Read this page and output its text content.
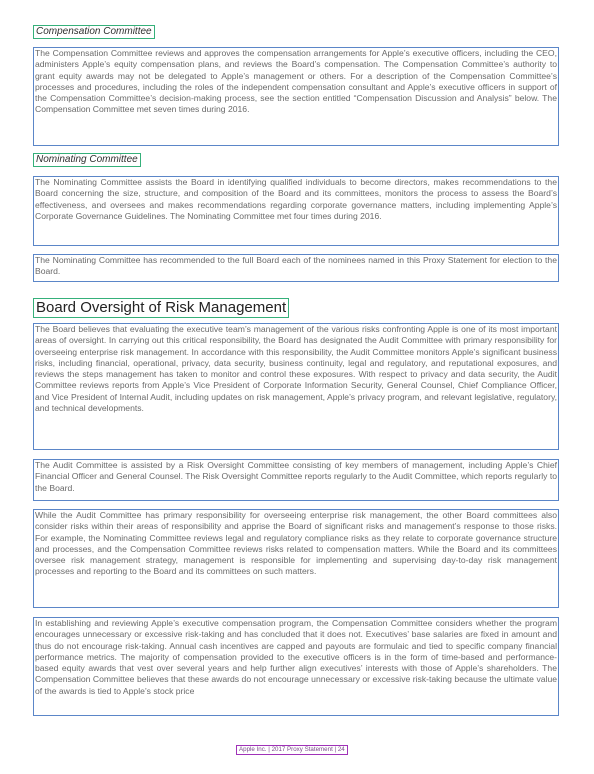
Compensation Committee

The Compensation Committee reviews and approves the compensation arrangements for Apple’s executive officers, including the CEO, administers Apple’s equity compensation plans, and reviews the Board’s compensation. The Compensation Committee’s authority to grant equity awards may not be delegated to Apple’s management or others. For a description of the Compensation Committee’s processes and procedures, including the roles of the independent compensation consultant and Apple’s executive officers in support of the Compensation Committee’s decision-making process, see the section entitled “Compensation Discussion and Analysis” below. The Compensation Committee met seven times during 2016.

Nominating Committee

The Nominating Committee assists the Board in identifying qualified individuals to become directors, makes recommendations to the Board concerning the size, structure, and composition of the Board and its committees, monitors the process to assess the Board’s effectiveness, and oversees and makes recommendations regarding corporate governance matters, including implementing Apple’s Corporate Governance Guidelines. The Nominating Committee met four times during 2016.

The Nominating Committee has recommended to the full Board each of the nominees named in this Proxy Statement for election to the Board.

Board Oversight of Risk Management

The Board believes that evaluating the executive team’s management of the various risks confronting Apple is one of its most important areas of oversight. In carrying out this critical responsibility, the Board has designated the Audit Committee with primary responsibility for overseeing enterprise risk management. In accordance with this responsibility, the Audit Committee monitors Apple’s significant business risks, including financial, operational, privacy, data security, business continuity, legal and regulatory, and reputational exposures, and reviews the steps management has taken to monitor and control these exposures. With respect to privacy and data security, the Audit Committee reviews reports from Apple’s Vice President of Corporate Information Security, General Counsel, Chief Compliance Officer, and Vice President of Internal Audit, including updates on risk management, Apple’s privacy program, and relevant legislative, regulatory, and technical developments.

The Audit Committee is assisted by a Risk Oversight Committee consisting of key members of management, including Apple’s Chief Financial Officer and General Counsel. The Risk Oversight Committee reports regularly to the Audit Committee, which reports regularly to the Board.

While the Audit Committee has primary responsibility for overseeing enterprise risk management, the other Board committees also consider risks within their areas of responsibility and apprise the Board of significant risks and management’s response to those risks. For example, the Nominating Committee reviews legal and regulatory compliance risks as they relate to corporate governance structure and processes, and the Compensation Committee reviews risks related to compensation matters. While the Board and its committees oversee risk management strategy, management is responsible for implementing and supervising day-to-day risk management processes and reporting to the Board and its committees on such matters.

In establishing and reviewing Apple’s executive compensation program, the Compensation Committee considers whether the program encourages unnecessary or excessive risk-taking and has concluded that it does not. Executives’ base salaries are fixed in amount and thus do not encourage risk-taking. Annual cash incentives are capped and payouts are formulaic and tied to specific company financial performance metrics. The majority of compensation provided to the executive officers is in the form of time-based and performance-based equity awards that vest over several years and help further align executives’ interests with those of Apple’s shareholders. The Compensation Committee believes that these awards do not encourage unnecessary or excessive risk-taking because the ultimate value of the awards is tied to Apple’s stock price

Apple Inc. | 2017 Proxy Statement | 24
